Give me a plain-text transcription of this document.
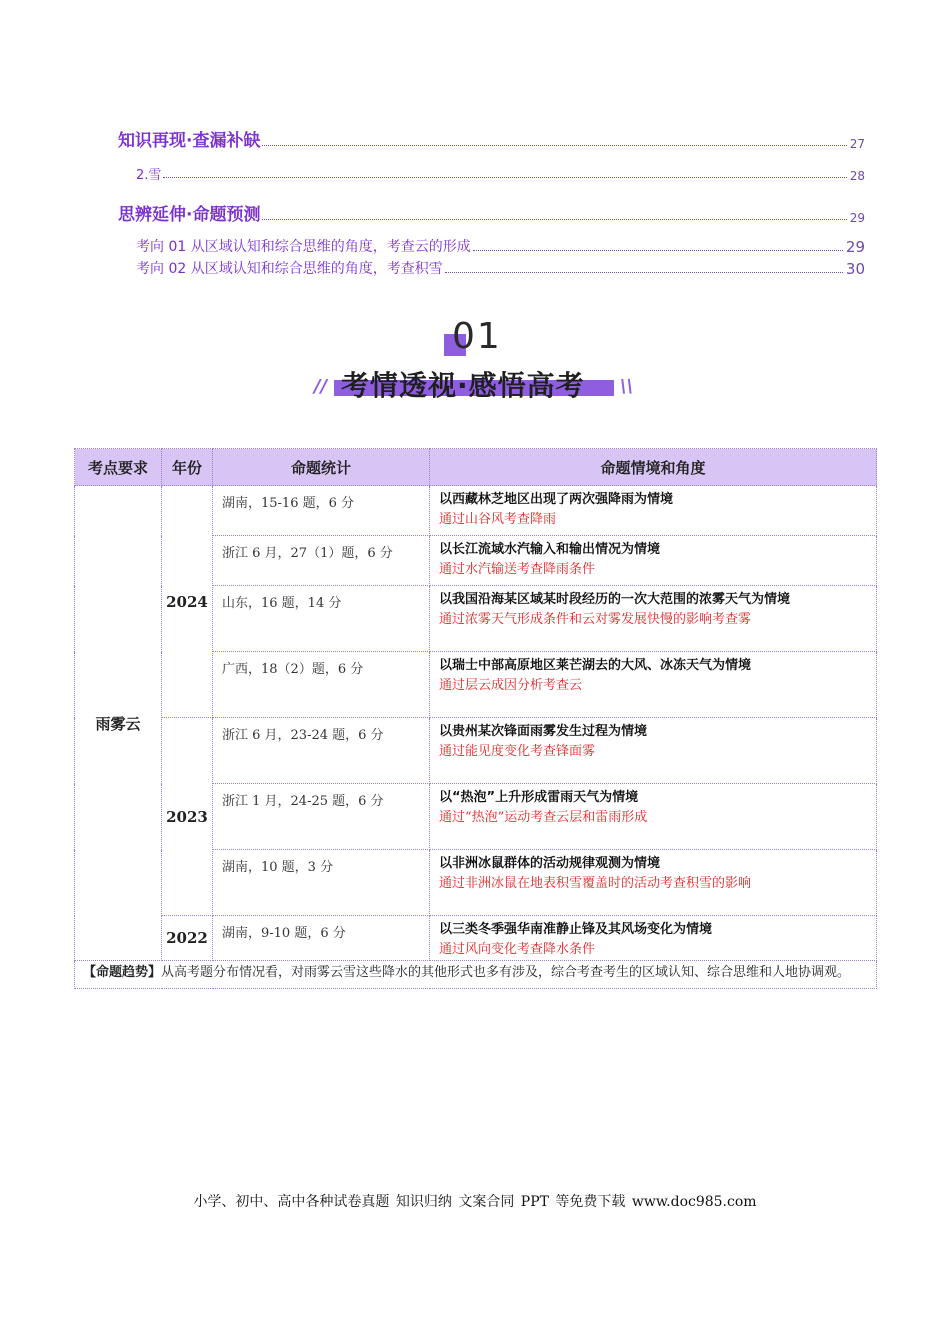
知识再现·查漏补缺	27
2.雪	28
思辨延伸·命题预测	29
考向 01 从区域认知和综合思维的角度，考查云的形成	29
考向 02 从区域认知和综合思维的角度，考查积雪	30
01
考情透视·感悟高考
//	\\
考点要求	年份	命题统计	命题情境和角度
雨雾云	2024	湖南，15-16 题，6 分	以西藏林芝地区出现了两次强降雨为情境
通过山谷风考查降雨

		浙江 6 月，27（1）题，6 分	以长江流域水汽输入和输出情况为情境
通过水汽输送考查降雨条件

		山东，16 题，14 分	以我国沿海某区域某时段经历的一次大范围的浓雾天气为情境
通过浓雾天气形成条件和云对雾发展快慢的影响考查雾

		广西，18（2）题，6 分	以瑞士中部高原地区莱芒湖去的大风、冰冻天气为情境
通过层云成因分析考查云

	2023	浙江 6 月，23-24 题，6 分	以贵州某次锋面雨雾发生过程为情境
通过能见度变化考查锋面雾

		浙江 1 月，24-25 题，6 分	以“热泡”上升形成雷雨天气为情境
通过“热泡”运动考查云层和雷雨形成

		湖南，10 题，3 分	以非洲冰鼠群体的活动规律观测为情境
通过非洲冰鼠在地表积雪覆盖时的活动考查积雪的影响

	2022	湖南，9-10 题，6 分	以三类冬季强华南准静止锋及其风场变化为情境
通过风向变化考查降水条件

【命题趋势】从高考题分布情况看，对雨雾云雪这些降水的其他形式也多有涉及，综合考查考生的区域认知、综合思维和人地协调观。			
小学、初中、高中各种试卷真题 知识归纳 文案合同 PPT 等免费下载 www.doc985.com
